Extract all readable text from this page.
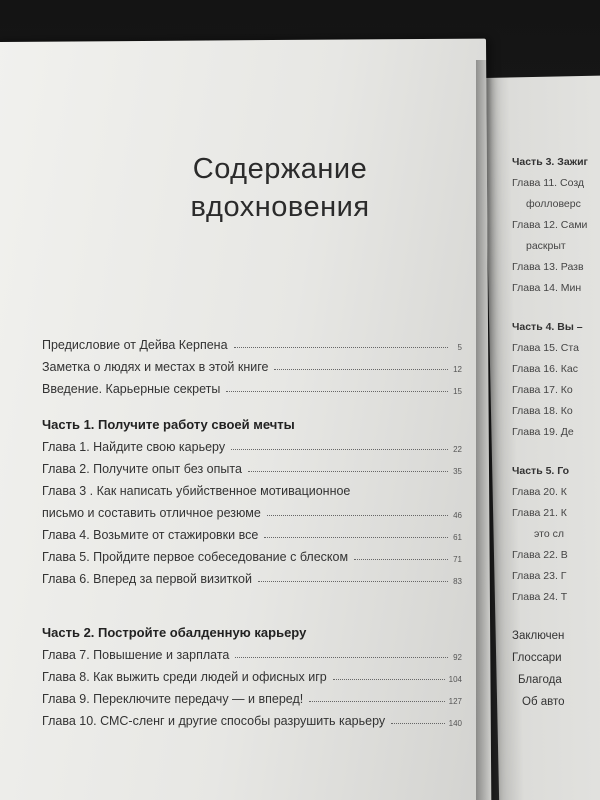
Содержание
вдохновения
Предисловие от Дейва Керпена	5
Заметка о людях и местах в этой книге	12
Введение. Карьерные секреты	15
Часть 1. Получите работу своей мечты
Глава 1. Найдите свою карьеру	22
Глава 2. Получите опыт без опыта	35
Глава 3 . Как написать убийственное мотивационное
письмо и составить отличное резюме	46
Глава 4. Возьмите от стажировки все	61
Глава 5. Пройдите первое собеседование с блеском	71
Глава 6. Вперед за первой визиткой	83
Часть 2. Постройте обалденную карьеру
Глава 7. Повышение и зарплата	92
Глава 8. Как выжить среди людей и офисных игр	104
Глава 9. Переключите передачу — и вперед!	127
Глава 10. СМС-сленг и другие способы разрушить карьеру	140
Часть 3. Зажиг
Глава 11. Созд
фолловерс
Глава 12. Сами
раскрыт
Глава 13. Разв
Глава 14. Мин
Часть 4. Вы –
Глава 15. Ста
Глава 16. Кас
Глава 17. Ко
Глава 18. Ко
Глава 19. Де
Часть 5. Го
Глава 20. К
Глава 21. К
это сл
Глава 22. В
Глава 23. Г
Глава 24. Т
Заключен
Глоссари
Благода
Об авто
